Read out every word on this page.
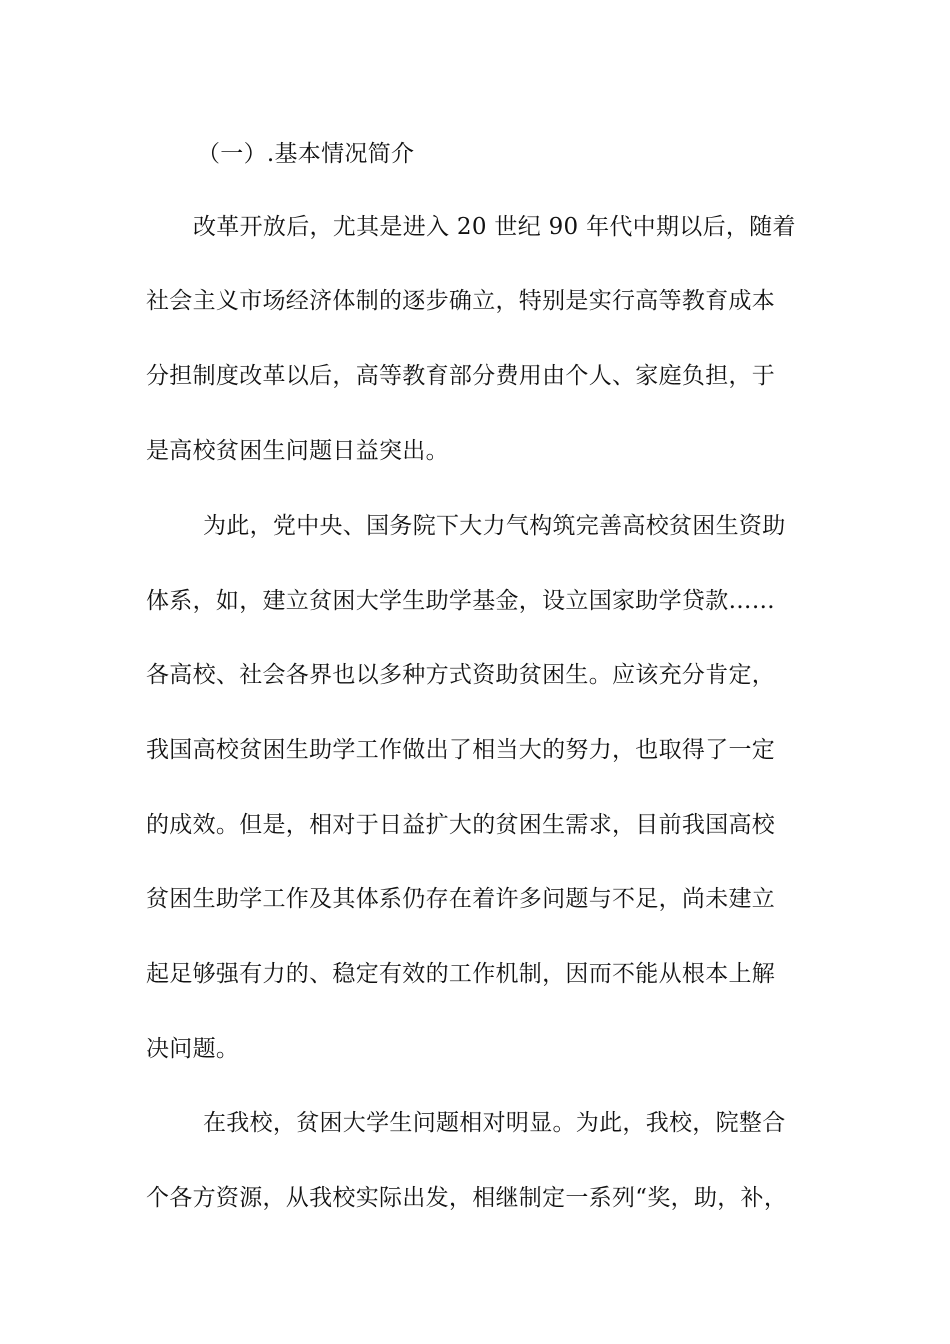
（一）.基本情况简介
改革开放后，尤其是进入 20 世纪 90 年代中期以后，随着
社会主义市场经济体制的逐步确立，特别是实行高等教育成本
分担制度改革以后，高等教育部分费用由个人、家庭负担，于
是高校贫困生问题日益突出。
为此，党中央、国务院下大力气构筑完善高校贫困生资助
体系，如，建立贫困大学生助学基金，设立国家助学贷款……
各高校、社会各界也以多种方式资助贫困生。应该充分肯定，
我国高校贫困生助学工作做出了相当大的努力，也取得了一定
的成效。但是，相对于日益扩大的贫困生需求，目前我国高校
贫困生助学工作及其体系仍存在着许多问题与不足，尚未建立
起足够强有力的、稳定有效的工作机制，因而不能从根本上解
决问题。
在我校，贫困大学生问题相对明显。为此，我校，院整合
个各方资源，从我校实际出发，相继制定一系列“奖，助，补，
